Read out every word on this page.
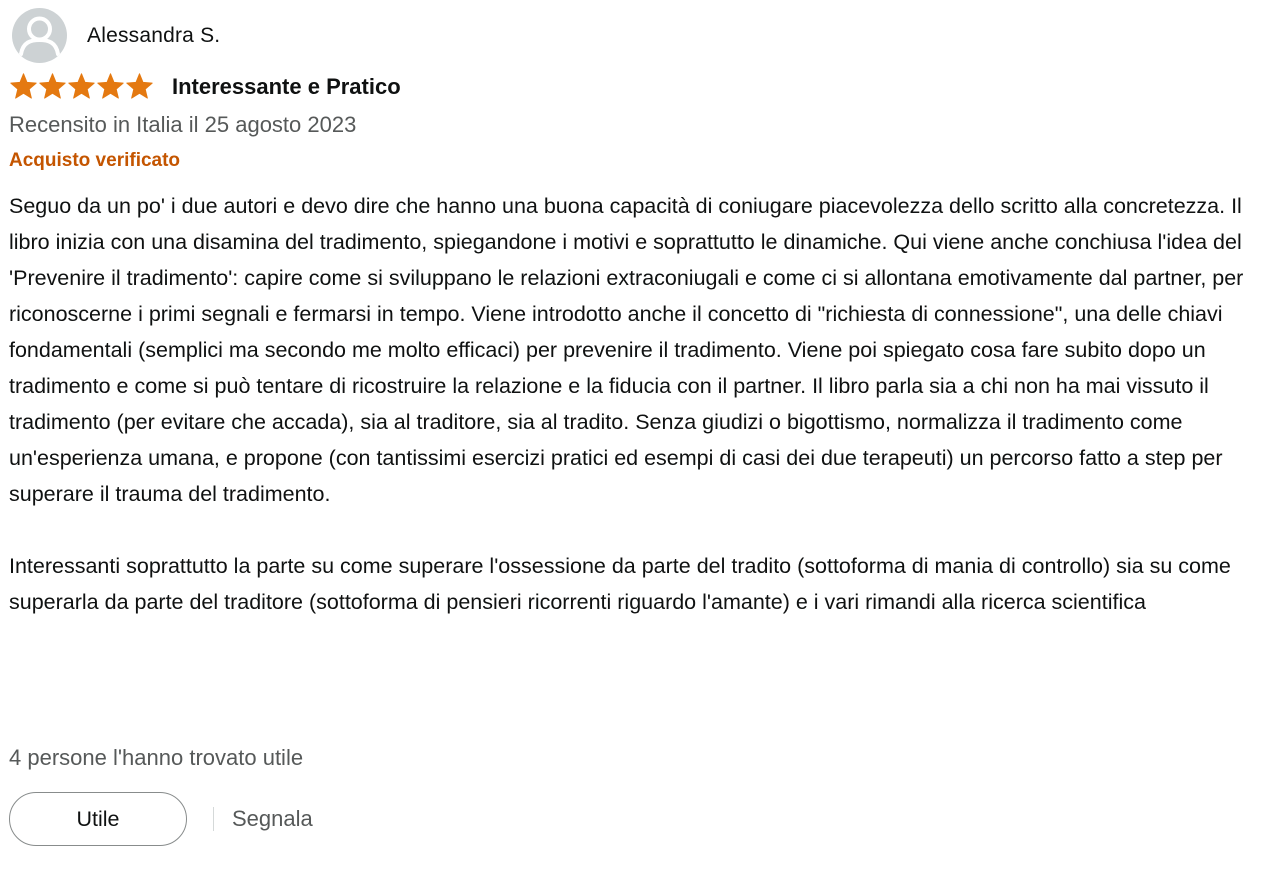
Alessandra S.
Interessante e Pratico
Recensito in Italia il 25 agosto 2023
Acquisto verificato

Seguo da un po' i due autori e devo dire che hanno una buona capacità di coniugare piacevolezza dello scritto alla concretezza. Il libro inizia con una disamina del tradimento, spiegandone i motivi e soprattutto le dinamiche. Qui viene anche conchiusa l'idea del 'Prevenire il tradimento': capire come si sviluppano le relazioni extraconiugali e come ci si allontana emotivamente dal partner, per riconoscerne i primi segnali e fermarsi in tempo. Viene introdotto anche il concetto di "richiesta di connessione", una delle chiavi fondamentali (semplici ma secondo me molto efficaci) per prevenire il tradimento. Viene poi spiegato cosa fare subito dopo un tradimento e come si può tentare di ricostruire la relazione e la fiducia con il partner. Il libro parla sia a chi non ha mai vissuto il tradimento (per evitare che accada), sia al traditore, sia al tradito. Senza giudizi o bigottismo, normalizza il tradimento come un'esperienza umana, e propone (con tantissimi esercizi pratici ed esempi di casi dei due terapeuti) un percorso fatto a step per superare il trauma del tradimento.

Interessanti soprattutto la parte su come superare l'ossessione da parte del tradito (sottoforma di mania di controllo) sia su come superarla da parte del traditore (sottoforma di pensieri ricorrenti riguardo l'amante) e i vari rimandi alla ricerca scientifica

4 persone l'hanno trovato utile
Utile	Segnala
